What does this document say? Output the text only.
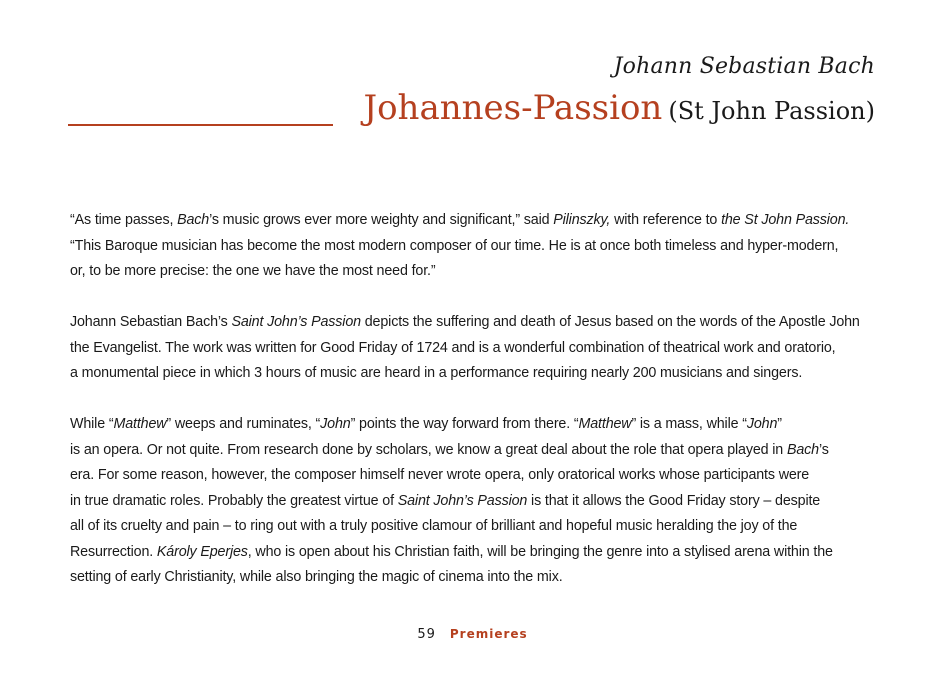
Johann Sebastian Bach
Johannes-Passion (St John Passion)
“As time passes, Bach’s music grows ever more weighty and significant,” said Pilinszky, with reference to the St John Passion.
“This Baroque musician has become the most modern composer of our time. He is at once both timeless and hyper-modern,
or, to be more precise: the one we have the most need for.”
Johann Sebastian Bach’s Saint John’s Passion depicts the suffering and death of Jesus based on the words of the Apostle John
the Evangelist. The work was written for Good Friday of 1724 and is a wonderful combination of theatrical work and oratorio,
a monumental piece in which 3 hours of music are heard in a performance requiring nearly 200 musicians and singers.
While “Matthew” weeps and ruminates, “John” points the way forward from there. “Matthew” is a mass, while “John”
is an opera. Or not quite. From research done by scholars, we know a great deal about the role that opera played in Bach’s
era. For some reason, however, the composer himself never wrote opera, only oratorical works whose participants were
in true dramatic roles. Probably the greatest virtue of Saint John’s Passion is that it allows the Good Friday story – despite
all of its cruelty and pain – to ring out with a truly positive clamour of brilliant and hopeful music heralding the joy of the
Resurrection. Károly Eperjes, who is open about his Christian faith, will be bringing the genre into a stylised arena within the
setting of early Christianity, while also bringing the magic of cinema into the mix.
59 Premieres
